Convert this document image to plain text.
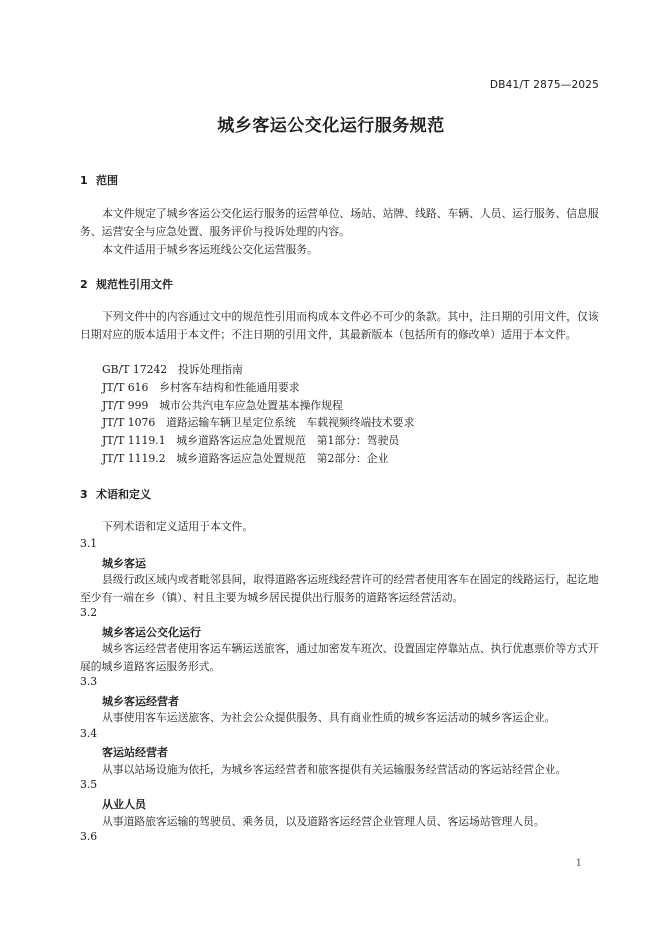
DB41/T 2875—2025
城乡客运公交化运行服务规范
1 范围

本文件规定了城乡客运公交化运行服务的运营单位、场站、站牌、线路、车辆、人员、运行服务、信息服务、运营安全与应急处置、服务评价与投诉处理的内容。

本文件适用于城乡客运班线公交化运营服务。

2 规范性引用文件

下列文件中的内容通过文中的规范性引用而构成本文件必不可少的条款。其中，注日期的引用文件，仅该日期对应的版本适用于本文件；不注日期的引用文件，其最新版本（包括所有的修改单）适用于本文件。

GB/T 17242　投诉处理指南
JT/T 616　乡村客车结构和性能通用要求
JT/T 999　城市公共汽电车应急处置基本操作规程
JT/T 1076　道路运输车辆卫星定位系统　车载视频终端技术要求
JT/T 1119.1　城乡道路客运应急处置规范　第1部分：驾驶员
JT/T 1119.2　城乡道路客运应急处置规范　第2部分：企业
3 术语和定义
下列术语和定义适用于本文件。
3.1
城乡客运

县级行政区域内或者毗邻县间，取得道路客运班线经营许可的经营者使用客车在固定的线路运行，起讫地至少有一端在乡（镇）、村且主要为城乡居民提供出行服务的道路客运经营活动。

3.2
城乡客运公交化运行

城乡客运经营者使用客运车辆运送旅客，通过加密发车班次、设置固定停靠站点、执行优惠票价等方式开展的城乡道路客运服务形式。

3.3
城乡客运经营者

从事使用客车运送旅客、为社会公众提供服务、具有商业性质的城乡客运活动的城乡客运企业。

3.4
客运站经营者

从事以站场设施为依托，为城乡客运经营者和旅客提供有关运输服务经营活动的客运站经营企业。

3.5
从业人员

从事道路旅客运输的驾驶员、乘务员，以及道路客运经营企业管理人员、客运场站管理人员。

3.6
1
